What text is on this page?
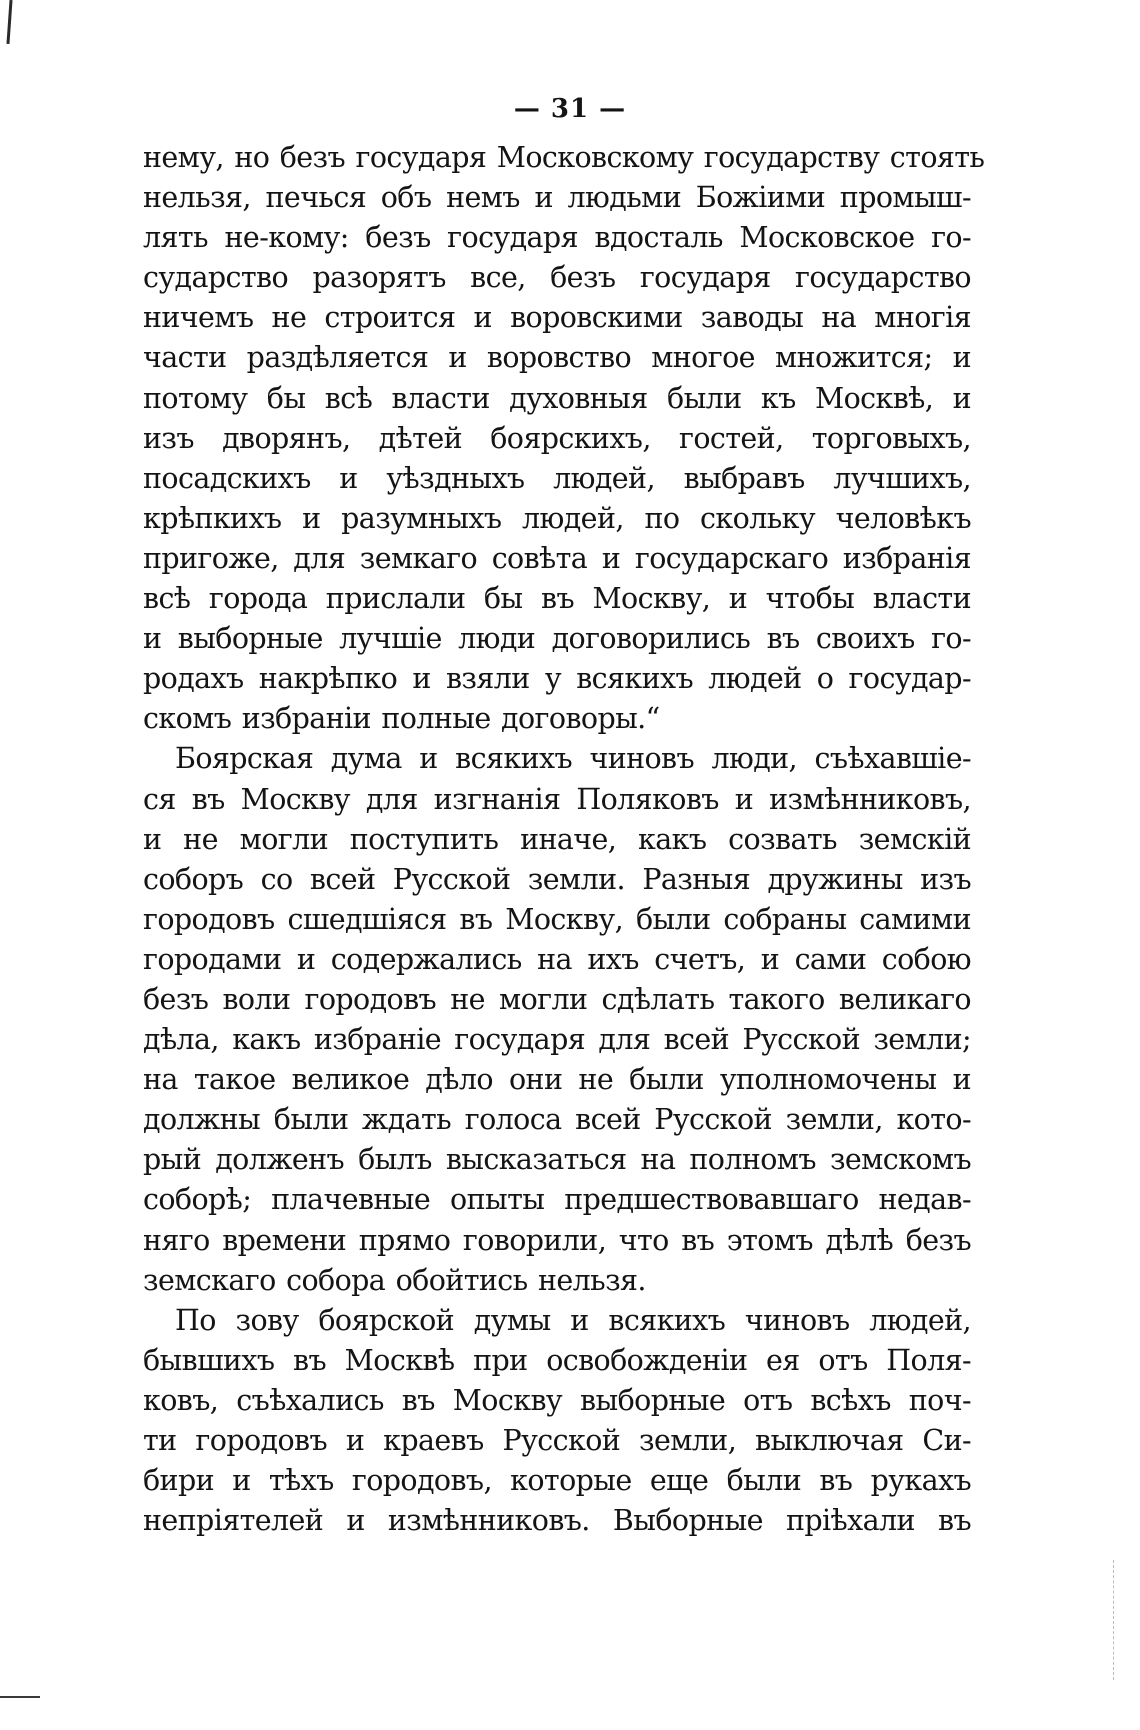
— 31 —
нему, но безъ государя Московскому государству стоять
нельзя, печься объ немъ и людьми Божіими промыш-
лять не-кому: безъ государя вдосталь Московское го-
сударство разорятъ все, безъ государя государство
ничемъ не строится и воровскими заводы на многія
части раздѣляется и воровство многое множится; и
потому бы всѣ власти духовныя были къ Москвѣ, и
изъ дворянъ, дѣтей боярскихъ, гостей, торговыхъ,
посадскихъ и уѣздныхъ людей, выбравъ лучшихъ,
крѣпкихъ и разумныхъ людей, по скольку человѣкъ
пригоже, для земкаго совѣта и государскаго избранія
всѣ города прислали бы въ Москву, и чтобы власти
и выборные лучшіе люди договорились въ своихъ го-
родахъ накрѣпко и взяли у всякихъ людей о государ-
скомъ избраніи полные договоры.“
Боярская дума и всякихъ чиновъ люди, съѣхавшіе-
ся въ Москву для изгнанія Поляковъ и измѣнниковъ,
и не могли поступить иначе, какъ созвать земскій
соборъ со всей Русской земли. Разныя дружины изъ
городовъ сшедшіяся въ Москву, были собраны самими
городами и содержались на ихъ счетъ, и сами собою
безъ воли городовъ не могли сдѣлать такого великаго
дѣла, какъ избраніе государя для всей Русской земли;
на такое великое дѣло они не были уполномочены и
должны были ждать голоса всей Русской земли, кото-
рый долженъ былъ высказаться на полномъ земскомъ
соборѣ; плачевные опыты предшествовавшаго недав-
няго времени прямо говорили, что въ этомъ дѣлѣ безъ
земскаго собора обойтись нельзя.
По зову боярской думы и всякихъ чиновъ людей,
бывшихъ въ Москвѣ при освобожденіи ея отъ Поля-
ковъ, съѣхались въ Москву выборные отъ всѣхъ поч-
ти городовъ и краевъ Русской земли, выключая Си-
бири и тѣхъ городовъ, которые еще были въ рукахъ
непріятелей и измѣнниковъ. Выборные пріѣхали въ
